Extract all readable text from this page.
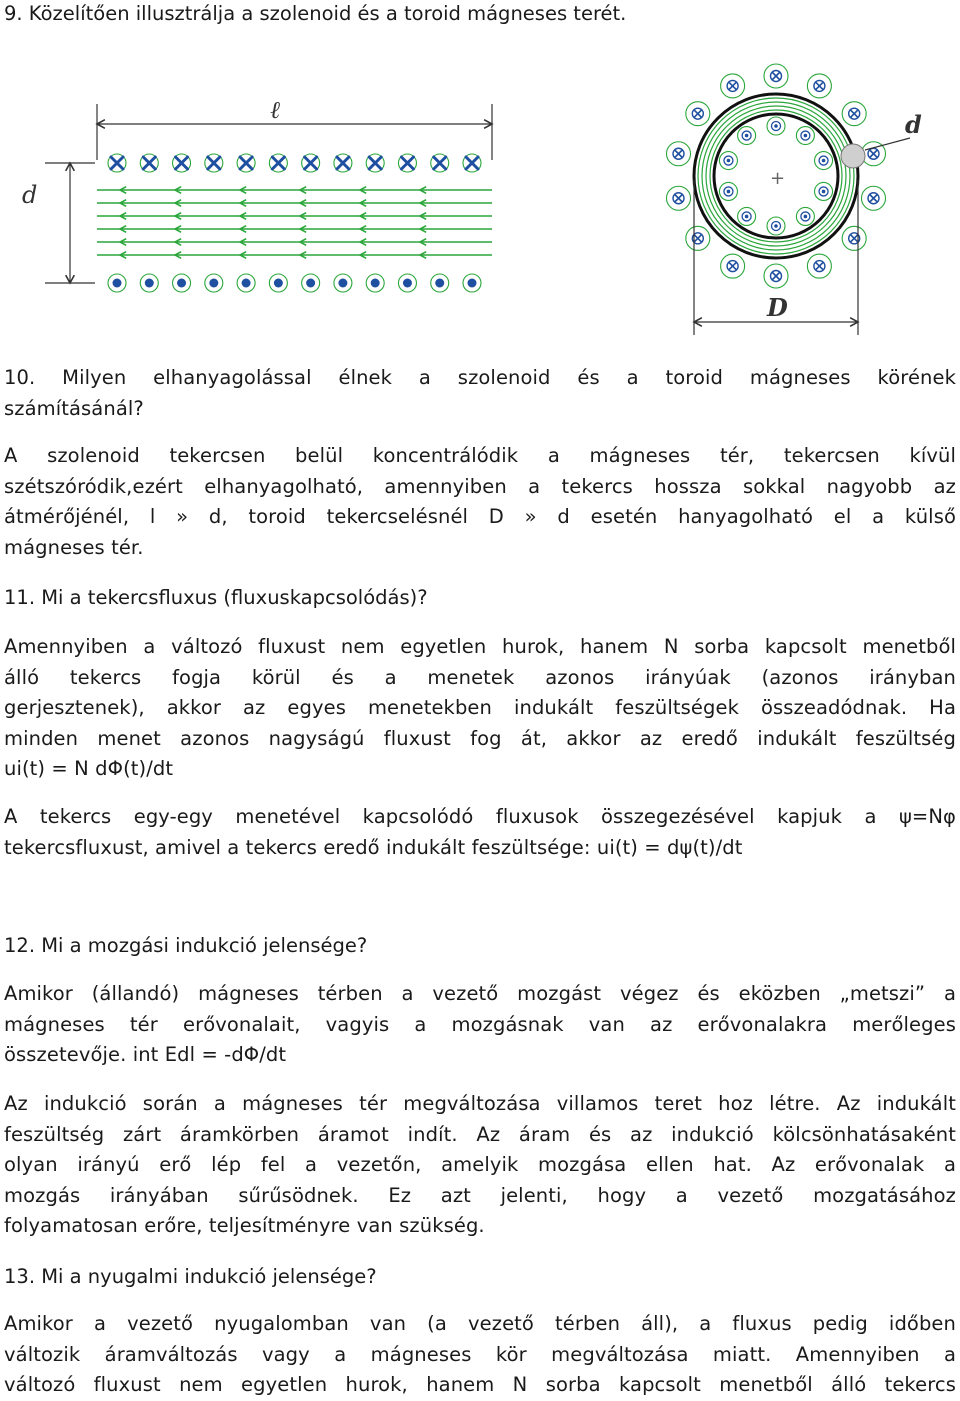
9. Közelítően illusztrálja a szolenoid és a toroid mágneses terét.
ℓ
d
d
D
+
10. Milyen elhanyagolással élnek a szolenoid és a toroid mágneses körének
számításánál?
A szolenoid tekercsen belül koncentrálódik a mágneses tér, tekercsen kívül
szétszóródik,ezért elhanyagolható, amennyiben a tekercs hossza sokkal nagyobb az
átmérőjénél, l » d, toroid tekercselésnél D » d esetén hanyagolható el a külső
mágneses tér.
11. Mi a tekercsfluxus (fluxuskapcsolódás)?
Amennyiben a változó fluxust nem egyetlen hurok, hanem N sorba kapcsolt menetből
álló tekercs fogja körül és a menetek azonos irányúak (azonos irányban
gerjesztenek), akkor az egyes menetekben indukált feszültségek összeadódnak. Ha
minden menet azonos nagyságú fluxust fog át, akkor az eredő indukált feszültség
ui(t) = N dΦ(t)/dt
A tekercs egy-egy menetével kapcsolódó fluxusok összegezésével kapjuk a ψ=Nφ
tekercsfluxust, amivel a tekercs eredő indukált feszültsége: ui(t) = dψ(t)/dt
12. Mi a mozgási indukció jelensége?
Amikor (állandó) mágneses térben a vezető mozgást végez és eközben „metszi” a
mágneses tér erővonalait, vagyis a mozgásnak van az erővonalakra merőleges
összetevője. int Edl = -dΦ/dt
Az indukció során a mágneses tér megváltozása villamos teret hoz létre. Az indukált
feszültség zárt áramkörben áramot indít. Az áram és az indukció kölcsönhatásaként
olyan irányú erő lép fel a vezetőn, amelyik mozgása ellen hat. Az erővonalak a
mozgás irányában sűrűsödnek. Ez azt jelenti, hogy a vezető mozgatásához
folyamatosan erőre, teljesítményre van szükség.
13. Mi a nyugalmi indukció jelensége?
Amikor a vezető nyugalomban van (a vezető térben áll), a fluxus pedig időben
változik áramváltozás vagy a mágneses kör megváltozása miatt. Amennyiben a
változó fluxust nem egyetlen hurok, hanem N sorba kapcsolt menetből álló tekercs
